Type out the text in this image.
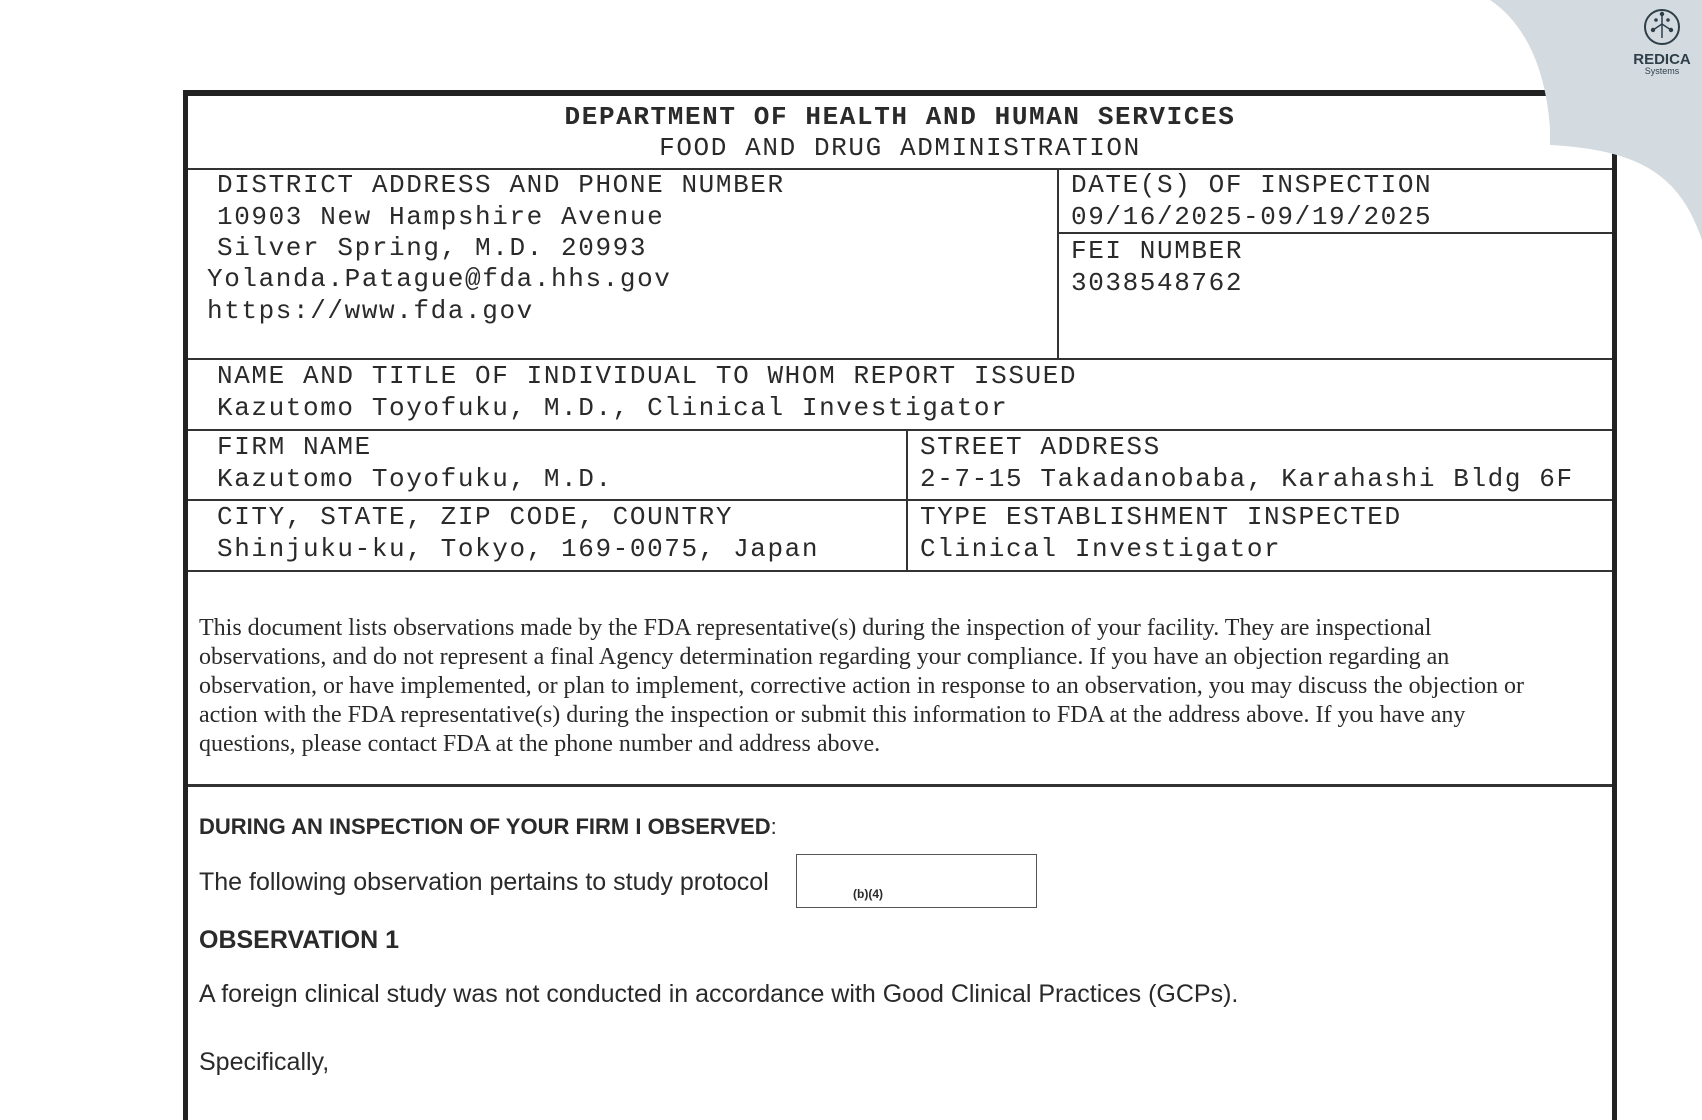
DEPARTMENT OF HEALTH AND HUMAN SERVICES
FOOD AND DRUG ADMINISTRATION
DISTRICT ADDRESS AND PHONE NUMBER
10903 New Hampshire Avenue
Silver Spring, M.D. 20993
Yolanda.Patague@fda.hhs.gov
https://www.fda.gov
DATE(S) OF INSPECTION
09/16/2025-09/19/2025
FEI NUMBER
3038548762
NAME AND TITLE OF INDIVIDUAL TO WHOM REPORT ISSUED
Kazutomo Toyofuku, M.D., Clinical Investigator
FIRM NAME
Kazutomo Toyofuku, M.D.
STREET ADDRESS
2-7-15 Takadanobaba, Karahashi Bldg 6F
CITY, STATE, ZIP CODE, COUNTRY
Shinjuku-ku, Tokyo, 169-0075, Japan
TYPE ESTABLISHMENT INSPECTED
Clinical Investigator
This document lists observations made by the FDA representative(s) during the inspection of your facility. They are inspectional
observations, and do not represent a final Agency determination regarding your compliance. If you have an objection regarding an
observation, or have implemented, or plan to implement, corrective action in response to an observation, you may discuss the objection or
action with the FDA representative(s) during the inspection or submit this information to FDA at the address above. If you have any
questions, please contact FDA at the phone number and address above.
DURING AN INSPECTION OF YOUR FIRM I OBSERVED:
The following observation pertains to study protocol	(b)(4)
OBSERVATION 1
A foreign clinical study was not conducted in accordance with Good Clinical Practices (GCPs).
Specifically,
REDICA
Systems
